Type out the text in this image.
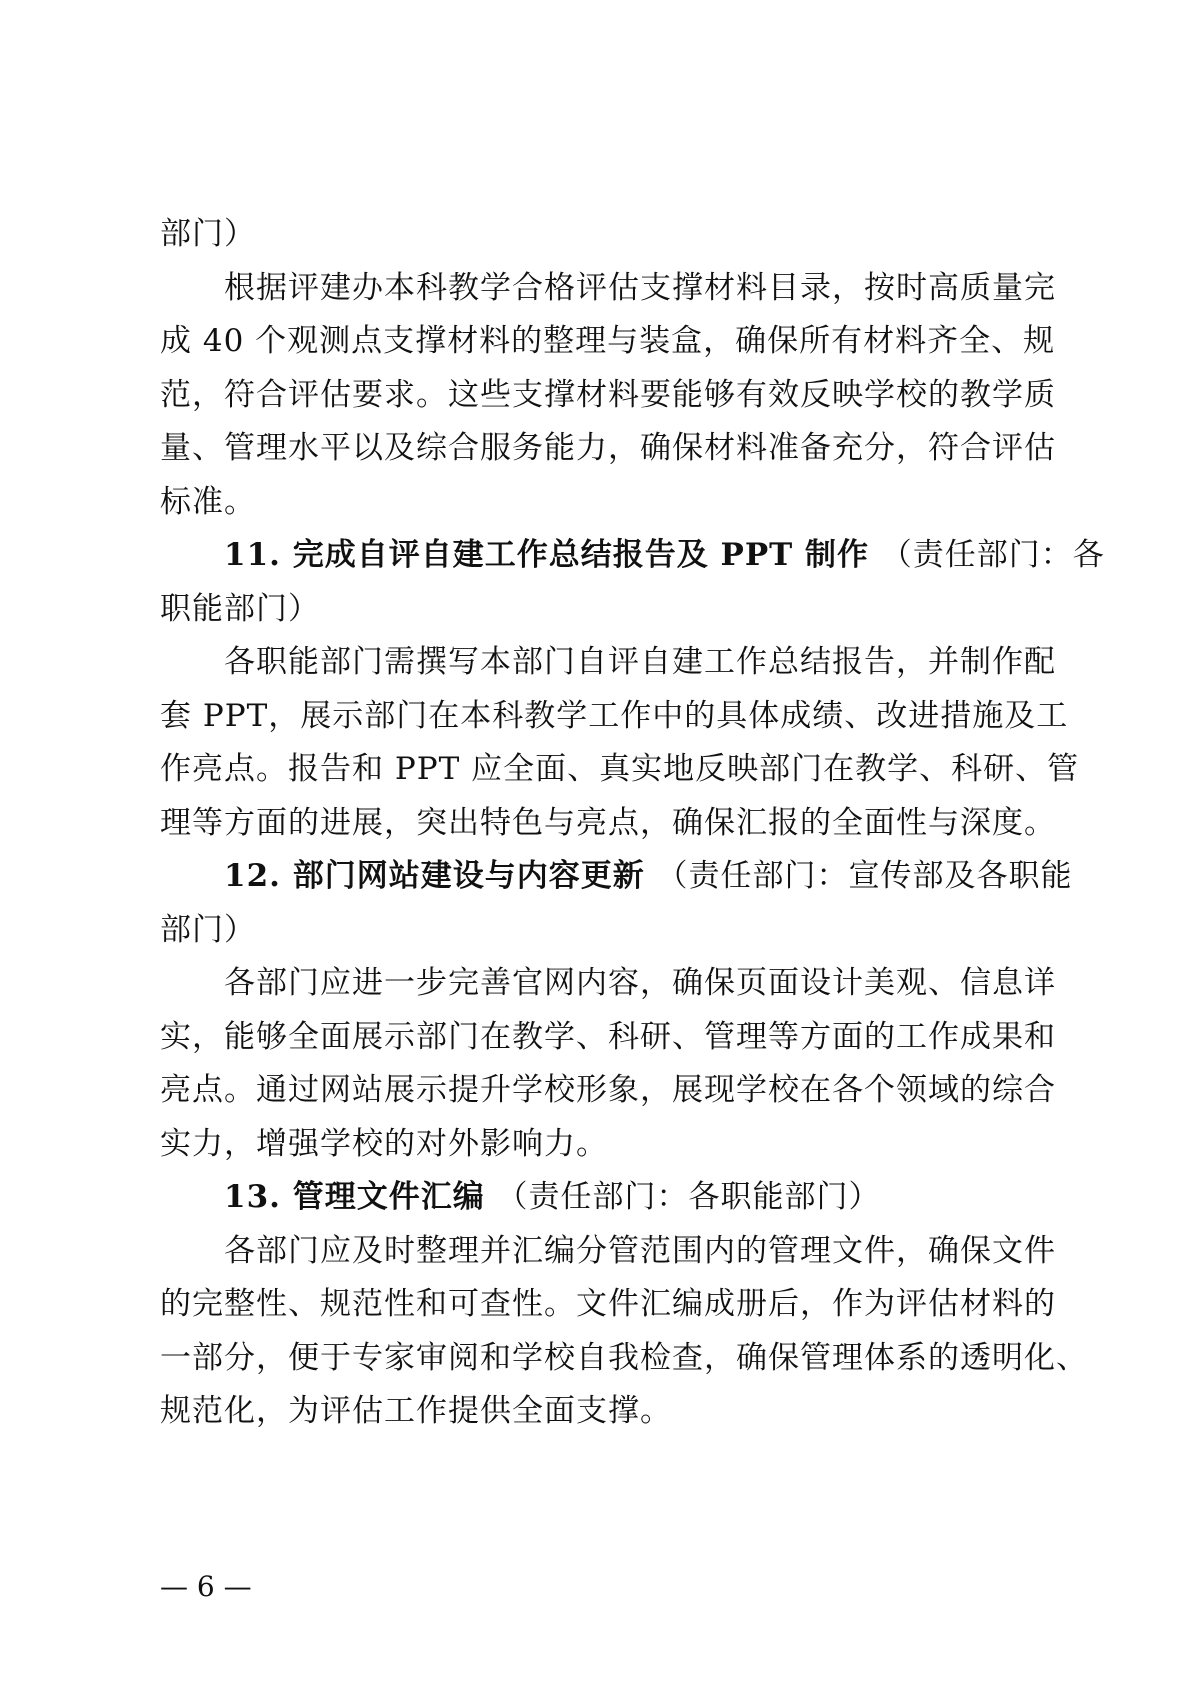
部门）
根据评建办本科教学合格评估支撑材料目录，按时高质量完
成 40 个观测点支撑材料的整理与装盒，确保所有材料齐全、规
范，符合评估要求。这些支撑材料要能够有效反映学校的教学质
量、管理水平以及综合服务能力，确保材料准备充分，符合评估
标准。
11. 完成自评自建工作总结报告及 PPT 制作 （责任部门：各
职能部门）
各职能部门需撰写本部门自评自建工作总结报告，并制作配
套 PPT，展示部门在本科教学工作中的具体成绩、改进措施及工
作亮点。报告和 PPT 应全面、真实地反映部门在教学、科研、管
理等方面的进展，突出特色与亮点，确保汇报的全面性与深度。
12. 部门网站建设与内容更新 （责任部门：宣传部及各职能
部门）
各部门应进一步完善官网内容，确保页面设计美观、信息详
实，能够全面展示部门在教学、科研、管理等方面的工作成果和
亮点。通过网站展示提升学校形象，展现学校在各个领域的综合
实力，增强学校的对外影响力。
13. 管理文件汇编 （责任部门：各职能部门）
各部门应及时整理并汇编分管范围内的管理文件，确保文件
的完整性、规范性和可查性。文件汇编成册后，作为评估材料的
一部分，便于专家审阅和学校自我检查，确保管理体系的透明化、
规范化，为评估工作提供全面支撑。
— 6 —
